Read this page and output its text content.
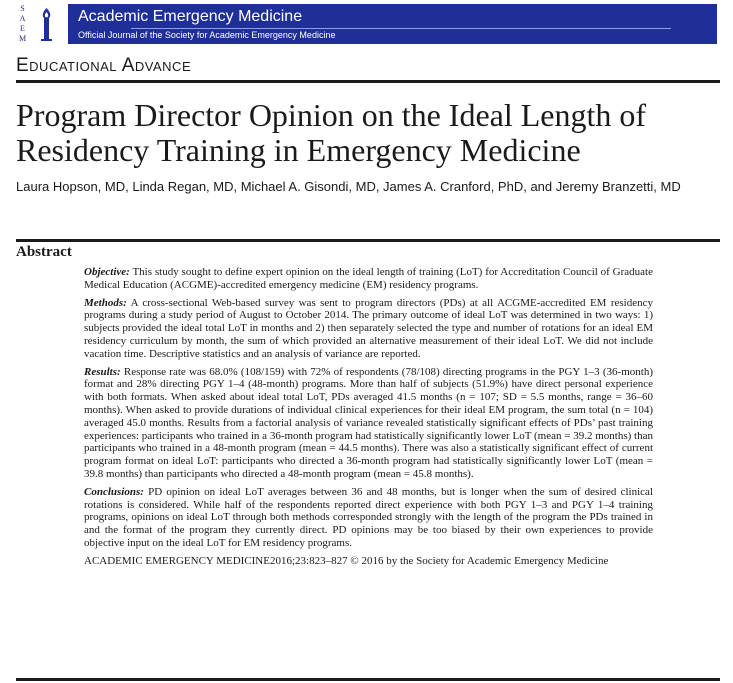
S
A
E
M
Academic Emergency Medicine
Official Journal of the Society for Academic Emergency Medicine
Educational Advance
Program Director Opinion on the Ideal Length of Residency Training in Emergency Medicine
Laura Hopson, MD, Linda Regan, MD, Michael A. Gisondi, MD, James A. Cranford, PhD, and Jeremy Branzetti, MD
Abstract

Objective: This study sought to define expert opinion on the ideal length of training (LoT) for Accreditation Council of Graduate Medical Education (ACGME)-accredited emergency medicine (EM) residency programs.

Methods: A cross-sectional Web-based survey was sent to program directors (PDs) at all ACGME-accredited EM residency programs during a study period of August to October 2014. The primary outcome of ideal LoT was determined in two ways: 1) subjects provided the ideal total LoT in months and 2) then separately selected the type and number of rotations for an ideal EM residency curriculum by month, the sum of which provided an alternative measurement of their ideal LoT. We did not include vacation time. Descriptive statistics and an analysis of variance are reported.

Results: Response rate was 68.0% (108/159) with 72% of respondents (78/108) directing programs in the PGY 1–3 (36-month) format and 28% directing PGY 1–4 (48-month) programs. More than half of subjects (51.9%) have direct personal experience with both formats. When asked about ideal total LoT, PDs averaged 41.5 months (n = 107; SD = 5.5 months, range = 36–60 months). When asked to provide durations of individual clinical experiences for their ideal EM program, the sum total (n = 104) averaged 45.0 months. Results from a factorial analysis of variance revealed statistically significant effects of PDs’ past training experiences: participants who trained in a 36-month program had statistically significantly lower LoT (mean = 39.2 months) than participants who trained in a 48-month program (mean = 44.5 months). There was also a statistically significant effect of current program format on ideal LoT: participants who directed a 36-month program had statistically significantly lower LoT (mean = 39.8 months) than participants who directed a 48-month program (mean = 45.8 months).

Conclusions: PD opinion on ideal LoT averages between 36 and 48 months, but is longer when the sum of desired clinical rotations is considered. While half of the respondents reported direct experience with both PGY 1–3 and PGY 1–4 training programs, opinions on ideal LoT through both methods corresponded strongly with the length of the program the PDs trained in and the format of the program they currently direct. PD opinions may be too biased by their own experiences to provide objective input on the ideal LoT for EM residency programs.

ACADEMIC EMERGENCY MEDICINE2016;23:823–827 © 2016 by the Society for Academic Emergency Medicine
